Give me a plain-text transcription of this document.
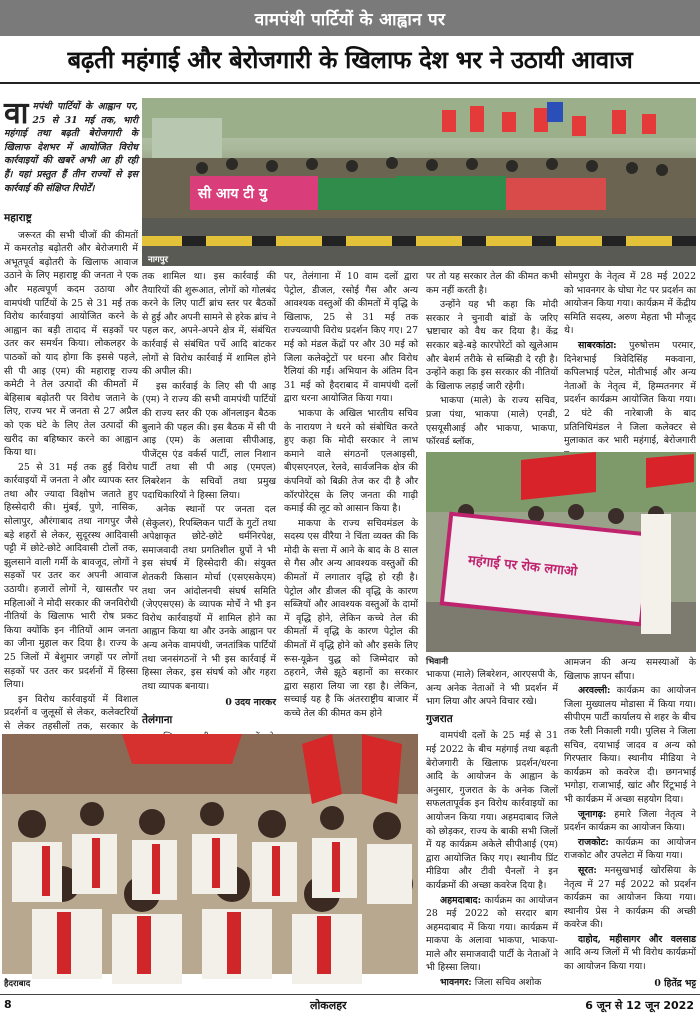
वामपंथी पार्टियों के आह्वान पर
बढ़ती महंगाई और बेरोजगारी के खिलाफ देश भर ने उठायी आवाज
वा मपंथी पार्टियों के आह्वान पर, 25 से 31 मई तक, भारी महंगाई तथा बढ़ती बेरोजगारी के खिलाफ देशभर में आयोजित विरोध कार्रवाइयों की खबरें अभी आ ही रही हैं। यहां प्रस्तुत हैं तीन राज्यों से इस कार्रवाई की संक्षिप्त रिपोर्टें।	सी आय टी यु
नागपुर
महाराष्ट्र

जरूरत की सभी चीजों की कीमतों में कमरतोड़ बढ़ोतरी और बेरोजगारी में अभूतपूर्व बढ़ोतरी के खिलाफ आवाज उठाने के लिए महाराष्ट्र की जनता ने एक और महत्वपूर्ण कदम उठाया और वामपंथी पार्टियों के 25 से 31 मई तक विरोध कार्रवाइयां आयोजित करने के आह्वान का बड़ी तादाद में सड़कों पर उतर कर समर्थन किया। लोकलहर के पाठकों को याद होगा कि इससे पहले, सी पी आइ (एम) की महाराष्ट्र राज्य कमेटी ने तेल उत्पादों की कीमतों में बेहिसाब बढ़ोतरी पर विरोध जताने के लिए, राज्य भर में जनता से 27 अप्रैल को एक घंटे के लिए तेल उत्पादों की खरीद का बहिष्कार करने का आह्वान किया था।

25 से 31 मई तक हुई विरोध कार्रवाइयों में जनता ने और व्यापक स्तर तथा और ज्यादा विक्षोभ जताते हुए हिस्सेदारी की। मुंबई, पुणे, नासिक, सोलापुर, औरंगाबाद तथा नागपुर जैसे बड़े शहरों से लेकर, सुदूरस्थ आदिवासी पट्टी में छोटे-छोटे आदिवासी टोलों तक, झुलसाने वाली गर्मी के बावजूद, लोगों ने सड़कों पर उतर कर अपनी आवाज उठायी। हजारों लोगों ने, खासतौर पर महिलाओं ने मोदी सरकार की जनविरोधी नीतियों के खिलाफ भारी रोष प्रकट किया क्योंकि इन नीतियों आम जनता का जीना मुहाल कर दिया है। राज्य के 25 जिलों में बेशुमार जगहों पर लोगों सड़कों पर उतर कर प्रदर्शनों में हिस्सा लिया।

इन विरोध कार्रवाइयों में विशाल प्रदर्शनों व जुलूसों से लेकर, कलेक्टरियों से लेकर तहसीलों तक, सरकार के

तक शामिल था। इस कार्रवाई की तैयारियों की शुरूआत, लोगों को गोलबंद करने के लिए पार्टी ब्रांच स्तर पर बैठकों से हुई और अपनी सामने से हरेक ब्रांच ने पहल कर, अपने-अपने क्षेत्र में, संबंधित कार्रवाई से संबंधित पर्चे आदि बांटकर लोगों से विरोध कार्रवाई में शामिल होने की अपील की।

इस कार्रवाई के लिए सी पी आइ (एम) ने राज्य की सभी वामपंथी पार्टियों की राज्य स्तर की एक ऑनलाइन बैठक बुलाने की पहल की। इस बैठक में सी पी आइ (एम) के अलावा सीपीआइ, पीजेंट्स एंड वर्कर्स पार्टी, लाल निशान पार्टी तथा सी पी आइ (एमएल) लिबरेशन के सचिवों तथा प्रमुख पदाधिकारियों ने हिस्सा लिया।

अनेक स्थानों पर जनता दल (सेकुलर), रिपब्लिकन पार्टी के गुटों तथा अपेक्षाकृत छोटे-छोटे धर्मनिरपेक्ष, समाजवादी तथा प्रगतिशील ग्रुपों ने भी इस संघर्ष में हिस्सेदारी की। संयुक्त शेतकरी किसान मोर्चा (एसएसकेएम) तथा जन आंदोलनची संघर्ष समिति (जेएएसएस) के व्यापक मोर्चे ने भी इन विरोध कार्रवाइयों में शामिल होने का आह्वान किया था और उनके आह्वान पर अन्य अनेक वामपंथी, जनतांत्रिक पार्टियों तथा जनसंगठनों ने भी इस कार्रवाई में हिस्सा लेकर, इस संघर्ष को और गहरा तथा व्यापक बनाया।

0 उदय नारकर
तेलंगाना

पर, तेलंगाना में 10 वाम दलों द्वारा पेट्रोल, डीजल, रसोई गैस और अन्य आवश्यक वस्तुओं की कीमतों में वृद्धि के खिलाफ, 25 से 31 मई तक राज्यव्यापी विरोध प्रदर्शन किए गए। 27 मई को मंडल केंद्रों पर और 30 मई को जिला कलेक्ट्रेटों पर धरना और विरोध रैलियां की गईं। अभियान के अंतिम दिन 31 मई को हैदराबाद में वामपंथी दलों द्वारा धरना आयोजित किया गया।

भाकपा के अखिल भारतीय सचिव के नारायण ने धरने को संबोधित करते हुए कहा कि मोदी सरकार ने लाभ कमाने वाले संगठनों एलआइसी, बीएसएनएल, रेलवे, सार्वजनिक क्षेत्र की कंपनियों को बिक्री तेज कर दी है और कॉरपोरेट्स के लिए जनता की गाढ़ी कमाई की लूट को आसान किया है।

माकपा के राज्य सचिवमंडल के सदस्य एस वीरैया ने चिंता व्यक्त की कि मोदी के सत्ता में आने के बाद के 8 साल से गैस और अन्य आवश्यक वस्तुओं की कीमतों में लगातार वृद्धि हो रही है। पेट्रोल और डीजल की वृद्धि के कारण सब्जियों और आवश्यक वस्तुओं के दामों में वृद्धि होने, लेकिन कच्चे तेल की कीमतों में वृद्धि के कारण पेट्रोल की कीमतों में वृद्धि होने को और इसके लिए रूस-यूक्रेन युद्ध को जिम्मेदार को ठहराने, जैसे झूठे बहानों का सरकार द्वारा सहारा लिया जा रहा है। लेकिन, सच्चाई यह है कि अंतरराष्ट्रीय बाजार में कच्चे तेल की कीमत कम होने

पर तो यह सरकार तेल की कीमत कभी कम नहीं करती है।

उन्होंने यह भी कहा कि मोदी सरकार ने चुनावी बांडों के जरिए भ्रष्टाचार को वैध कर दिया है। केंद्र सरकार बड़े-बड़े कारपोरेटों को खुलेआम और बेशर्म तरीके से सब्सिडी दे रही है। उन्होंने कहा कि इस सरकार की नीतियों के खिलाफ लड़ाई जारी रहेगी।

भाकपा (माले) के राज्य सचिव, प्रजा पंथा, भाकपा (माले) एनडी, एसयूसीआई और भाकपा, भाकपा, फॉरवर्ड ब्लॉक,

सोमपुरा के नेतृत्व में 28 मई 2022 को भावनगर के घोघा गेट पर प्रदर्शन का आयोजन किया गया। कार्यक्रम में केंद्रीय समिति सदस्य, अरुण मेहता भी मौजूद थे।

साबरकांठा: पुरुषोत्तम परमार, दिनेशभाई त्रिवेदिसिंह मकवाना, कपिलभाई पटेल, मोतीभाई और अन्य नेताओं के नेतृत्व में, हिम्मतनगर में प्रदर्शन कार्यक्रम आयोजित किया गया। 2 घंटे की नारेबाजी के बाद प्रतिनिधिमंडल ने जिला कलेक्टर से मुलाकात कर भारी महंगाई, बेरोजगारी

महंगाई पर रोक लगाओ
भिवानी

भाकपा (माले) लिबरेशन, आरएसपी के, अन्य अनेक नेताओं ने भी प्रदर्शन में भाग लिया और अपने विचार रखे।

गुजरात

वामपंथी दलों के 25 मई से 31 मई 2022 के बीच महंगाई तथा बढ़ती बेरोजगारी के खिलाफ प्रदर्शन/धरना आदि के आयोजन के आह्वान के अनुसार, गुजरात के के अनेक जिलों सफलतापूर्वक इन विरोध कार्रवाइयों का आयोजन किया गया। अहमदाबाद जिले को छोड़कर, राज्य के बाकी सभी जिलों में यह कार्यक्रम अकेले सीपीआई (एम) द्वारा आयोजित किए गए। स्थानीय प्रिंट मीडिया और टीवी चैनलों ने इन कार्यक्रमों की अच्छा कवरेज दिया है।

अहमदाबाद: कार्यक्रम का आयोजन 28 मई 2022 को सरदार बाग अहमदाबाद में किया गया। कार्यक्रम में माकपा के अलावा भाकपा, भाकपा-माले और समाजवादी पार्टी के नेताओं ने भी हिस्सा लिया।

भावनगर: जिला सचिव अशोक

आमजन की अन्य समस्याओं के खिलाफ ज्ञापन सौंपा।

अरवल्ली: कार्यक्रम का आयोजन जिला मुख्यालय मोडासा में किया गया। सीपीएम पार्टी कार्यालय से शहर के बीच तक रैली निकाली गयी। पुलिस ने जिला सचिव, दयाभाई जादव व अन्य को गिरफ्तार किया। स्थानीय मीडिया ने कार्यक्रम को कवरेज दी। छगनभाई भगोड़ा, राजाभाई, खांट और रिंटूभाई ने भी कार्यक्रम में अच्छा सहयोग दिया।

जूनागढ़: हमारे जिला नेतृत्व ने प्रदर्शन कार्यक्रम का आयोजन किया।

राजकोट: कार्यक्रम का आयोजन राजकोट और उपलेटा में किया गया।

सूरत: मनसुखभाई खोरसिया के नेतृत्व में 27 मई 2022 को प्रदर्शन कार्यक्रम का आयोजन किया गया। स्थानीय प्रेस ने कार्यक्रम की अच्छी कवरेज की।

दाहोद, महीसागर और वलसाड आदि अन्य जिलों में भी विरोध कार्यक्रमों का आयोजन किया गया।

0 हितेंद्र भट्ट
हैदराबाद
8	लोकलहर	6 जून से 12 जून 2022
